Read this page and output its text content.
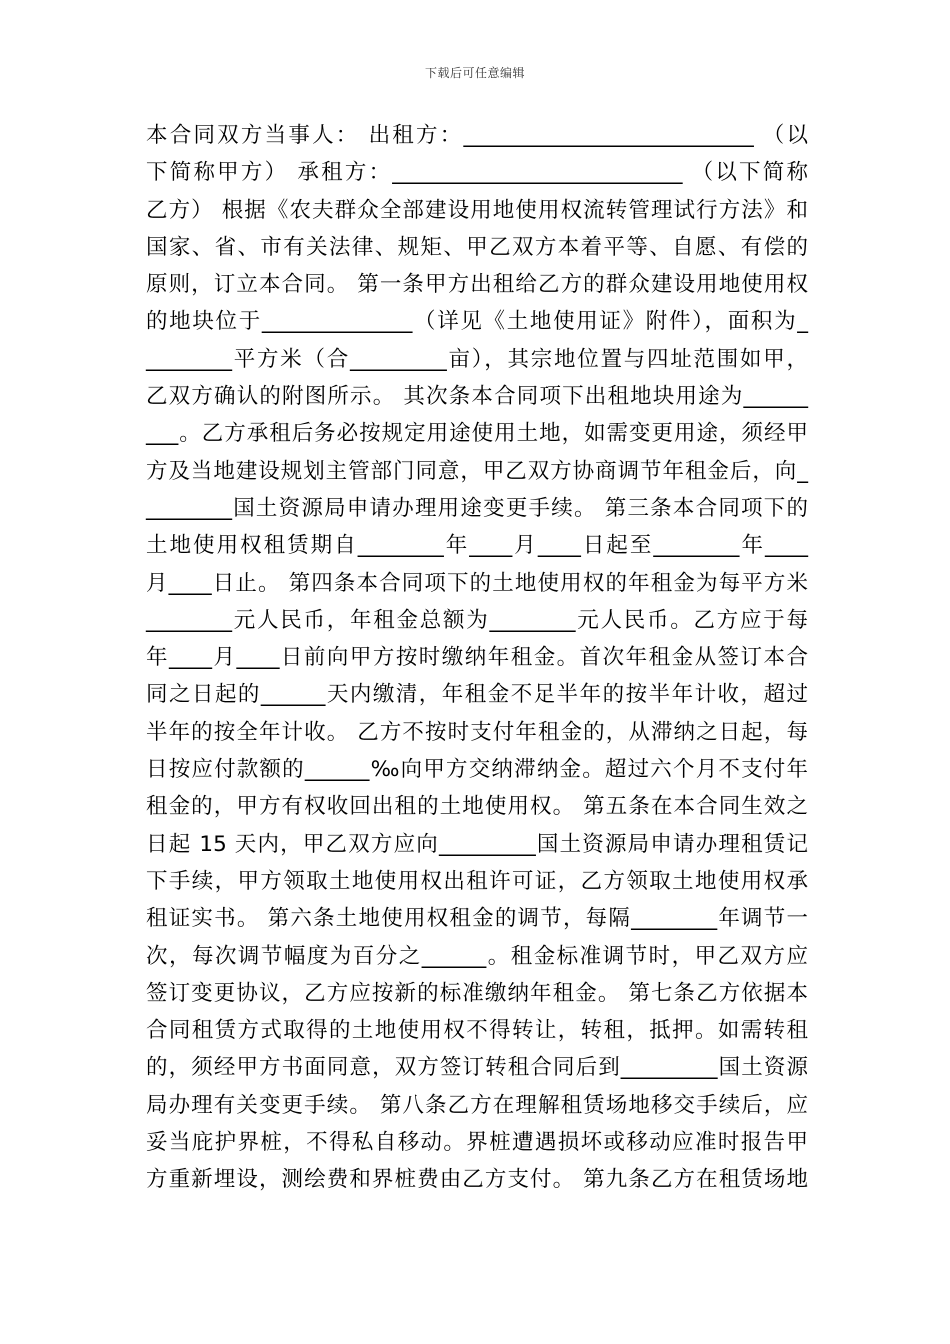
下载后可任意编辑
本合同双方当事人： 出租方：___________________________ （以
下简称甲方） 承租方：___________________________ （以下简称
乙方） 根据《农夫群众全部建设用地使用权流转管理试行方法》和
国家、省、市有关法律、规矩、甲乙双方本着平等、自愿、有偿的
原则，订立本合同。 第一条甲方出租给乙方的群众建设用地使用权
的地块位于______________（详见《土地使用证》附件），面积为_
________平方米（合_________亩），其宗地位置与四址范围如甲，
乙双方确认的附图所示。 其次条本合同项下出租地块用途为______
___。乙方承租后务必按规定用途使用土地，如需变更用途，须经甲
方及当地建设规划主管部门同意，甲乙双方协商调节年租金后，向_
________国土资源局申请办理用途变更手续。 第三条本合同项下的
土地使用权租赁期自________年____月____日起至________年____
月____日止。 第四条本合同项下的土地使用权的年租金为每平方米
________元人民币，年租金总额为________元人民币。乙方应于每
年____月____日前向甲方按时缴纳年租金。首次年租金从签订本合
同之日起的______天内缴清，年租金不足半年的按半年计收，超过
半年的按全年计收。 乙方不按时支付年租金的，从滞纳之日起，每
日按应付款额的______‰向甲方交纳滞纳金。超过六个月不支付年
租金的，甲方有权收回出租的土地使用权。 第五条在本合同生效之
日起 15 天内，甲乙双方应向_________国土资源局申请办理租赁记
下手续，甲方领取土地使用权出租许可证，乙方领取土地使用权承
租证实书。 第六条土地使用权租金的调节，每隔________年调节一
次，每次调节幅度为百分之______。租金标准调节时，甲乙双方应
签订变更协议，乙方应按新的标准缴纳年租金。 第七条乙方依据本
合同租赁方式取得的土地使用权不得转让，转租，抵押。如需转租
的，须经甲方书面同意，双方签订转租合同后到_________国土资源
局办理有关变更手续。 第八条乙方在理解租赁场地移交手续后，应
妥当庇护界桩，不得私自移动。界桩遭遇损坏或移动应准时报告甲
方重新埋设，测绘费和界桩费由乙方支付。 第九条乙方在租赁场地
